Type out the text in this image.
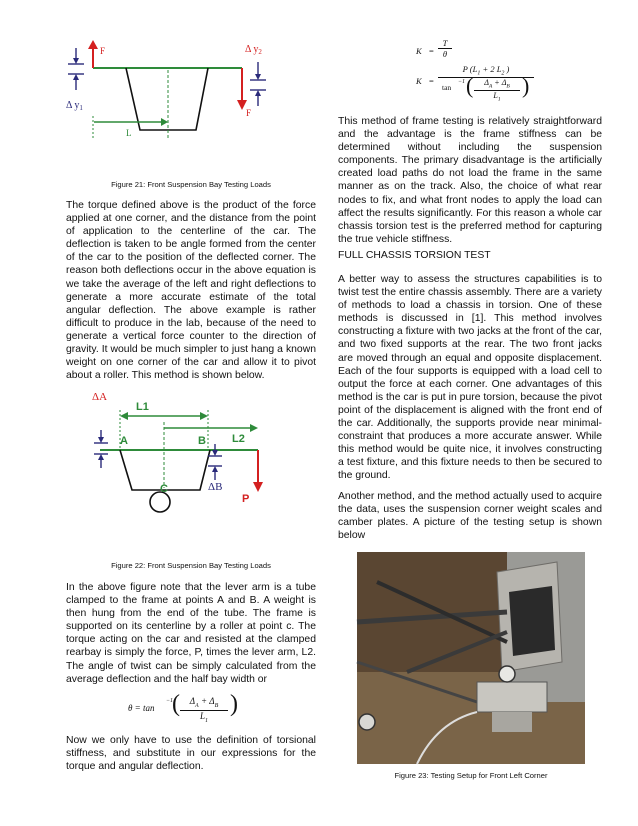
F	Δ $y_2$
Δ $y_1$	F
L
Figure 21: Front Suspension Bay Testing Loads

The torque defined above is the product of the force applied at one corner, and the distance from the point of application to the centerline of the car. The deflection is taken to be angle formed from the center of the car to the position of the deflected corner. The reason both deflections occur in the above equation is we take the average of the left and right deflections to generate a more accurate estimate of the total angular deflection. The above example is rather difficult to produce in the lab, because of the need to generate a vertical force counter to the direction of gravity. It would be much simpler to just hang a known weight on one corner of the car and allow it to pivot about a roller. This method is shown below.

ΔA
L1
L2
A	B
ΔB
C
P
Figure 22: Front Suspension Bay Testing Loads

In the above figure note that the lever arm is a tube clamped to the frame at points A and B. A weight is then hung from the end of the tube. The frame is supported on its centerline by a roller at point c. The torque acting on the car and resisted at the clamped rearbay is simply the force, P, times the lever arm, L2. The angle of twist can be simply calculated from the average deflection and the half bay width or

θ = tan
−1
( $\frac{\Delta_A + \Delta_B}{L_1}$ )

Now we only have to use the definition of torsional stiffness, and substitute in our expressions for the torque and angular deflection.

$K = \frac{T}{\theta}$
K =
P ($L_1 + 2$ $L_2$ )
tan
−1 ( $\frac{\Delta_A + \Delta_B}{L_1}$ )

This method of frame testing is relatively straightforward and the advantage is the frame stiffness can be determined without including the suspension components. The primary disadvantage is the artificially created load paths do not load the frame in the same manner as on the track. Also, the choice of what rear nodes to fix, and what front nodes to apply the load can affect the results significantly. For this reason a whole car chassis torsion test is the preferred method for capturing the true vehicle stiffness.

FULL CHASSIS TORSION TEST

A better way to assess the structures capabilities is to twist test the entire chassis assembly. There are a variety of methods to load a chassis in torsion. One of these methods is discussed in [1]. This method involves constructing a fixture with two jacks at the front of the car, and two fixed supports at the rear. The two front jacks are moved through an equal and opposite displacement. Each of the four supports is equipped with a load cell to output the force at each corner. One advantages of this method is the car is put in pure torsion, because the pivot point of the displacement is aligned with the front end of the car. Additionally, the supports provide near minimal-constraint that produces a more accurate answer. While this method would be quite nice, it involves constructing a test fixture, and this fixture needs to then be secured to the ground.

Another method, and the method actually used to acquire the data, uses the suspension corner weight scales and camber plates. A picture of the testing setup is shown below

Figure 23: Testing Setup for Front Left Corner
